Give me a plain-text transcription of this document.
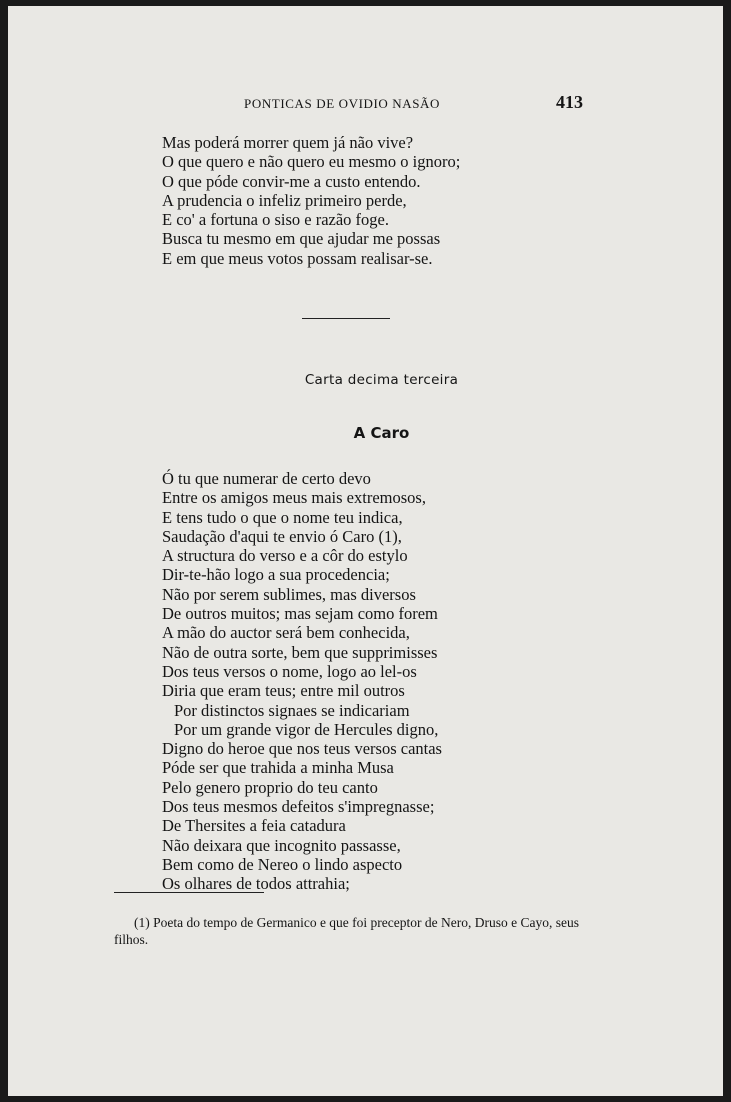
PONTICAS DE OVIDIO NASÃO	413
Mas poderá morrer quem já não vive?
O que quero e não quero eu mesmo o ignoro;
O que póde convir-me a custo entendo.
A prudencia o infeliz primeiro perde,
E co' a fortuna o siso e razão foge.
Busca tu mesmo em que ajudar me possas
E em que meus votos possam realisar-se.
Carta decima terceira
A Caro
Ó tu que numerar de certo devo
Entre os amigos meus mais extremosos,
E tens tudo o que o nome teu indica,
Saudação d'aqui te envio ó Caro (1),
A structura do verso e a côr do estylo
Dir-te-hão logo a sua procedencia;
Não por serem sublimes, mas diversos
De outros muitos; mas sejam como forem
A mão do auctor será bem conhecida,
Não de outra sorte, bem que supprimisses
Dos teus versos o nome, logo ao lel-os
Diria que eram teus; entre mil outros
Por distinctos signaes se indicariam
Por um grande vigor de Hercules digno,
Digno do heroe que nos teus versos cantas
Póde ser que trahida a minha Musa
Pelo genero proprio do teu canto
Dos teus mesmos defeitos s'impregnasse;
De Thersites a feia catadura
Não deixara que incognito passasse,
Bem como de Nereo o lindo aspecto
Os olhares de todos attrahia;
(1) Poeta do tempo de Germanico e que foi preceptor de Nero, Druso e Cayo, seus filhos.
